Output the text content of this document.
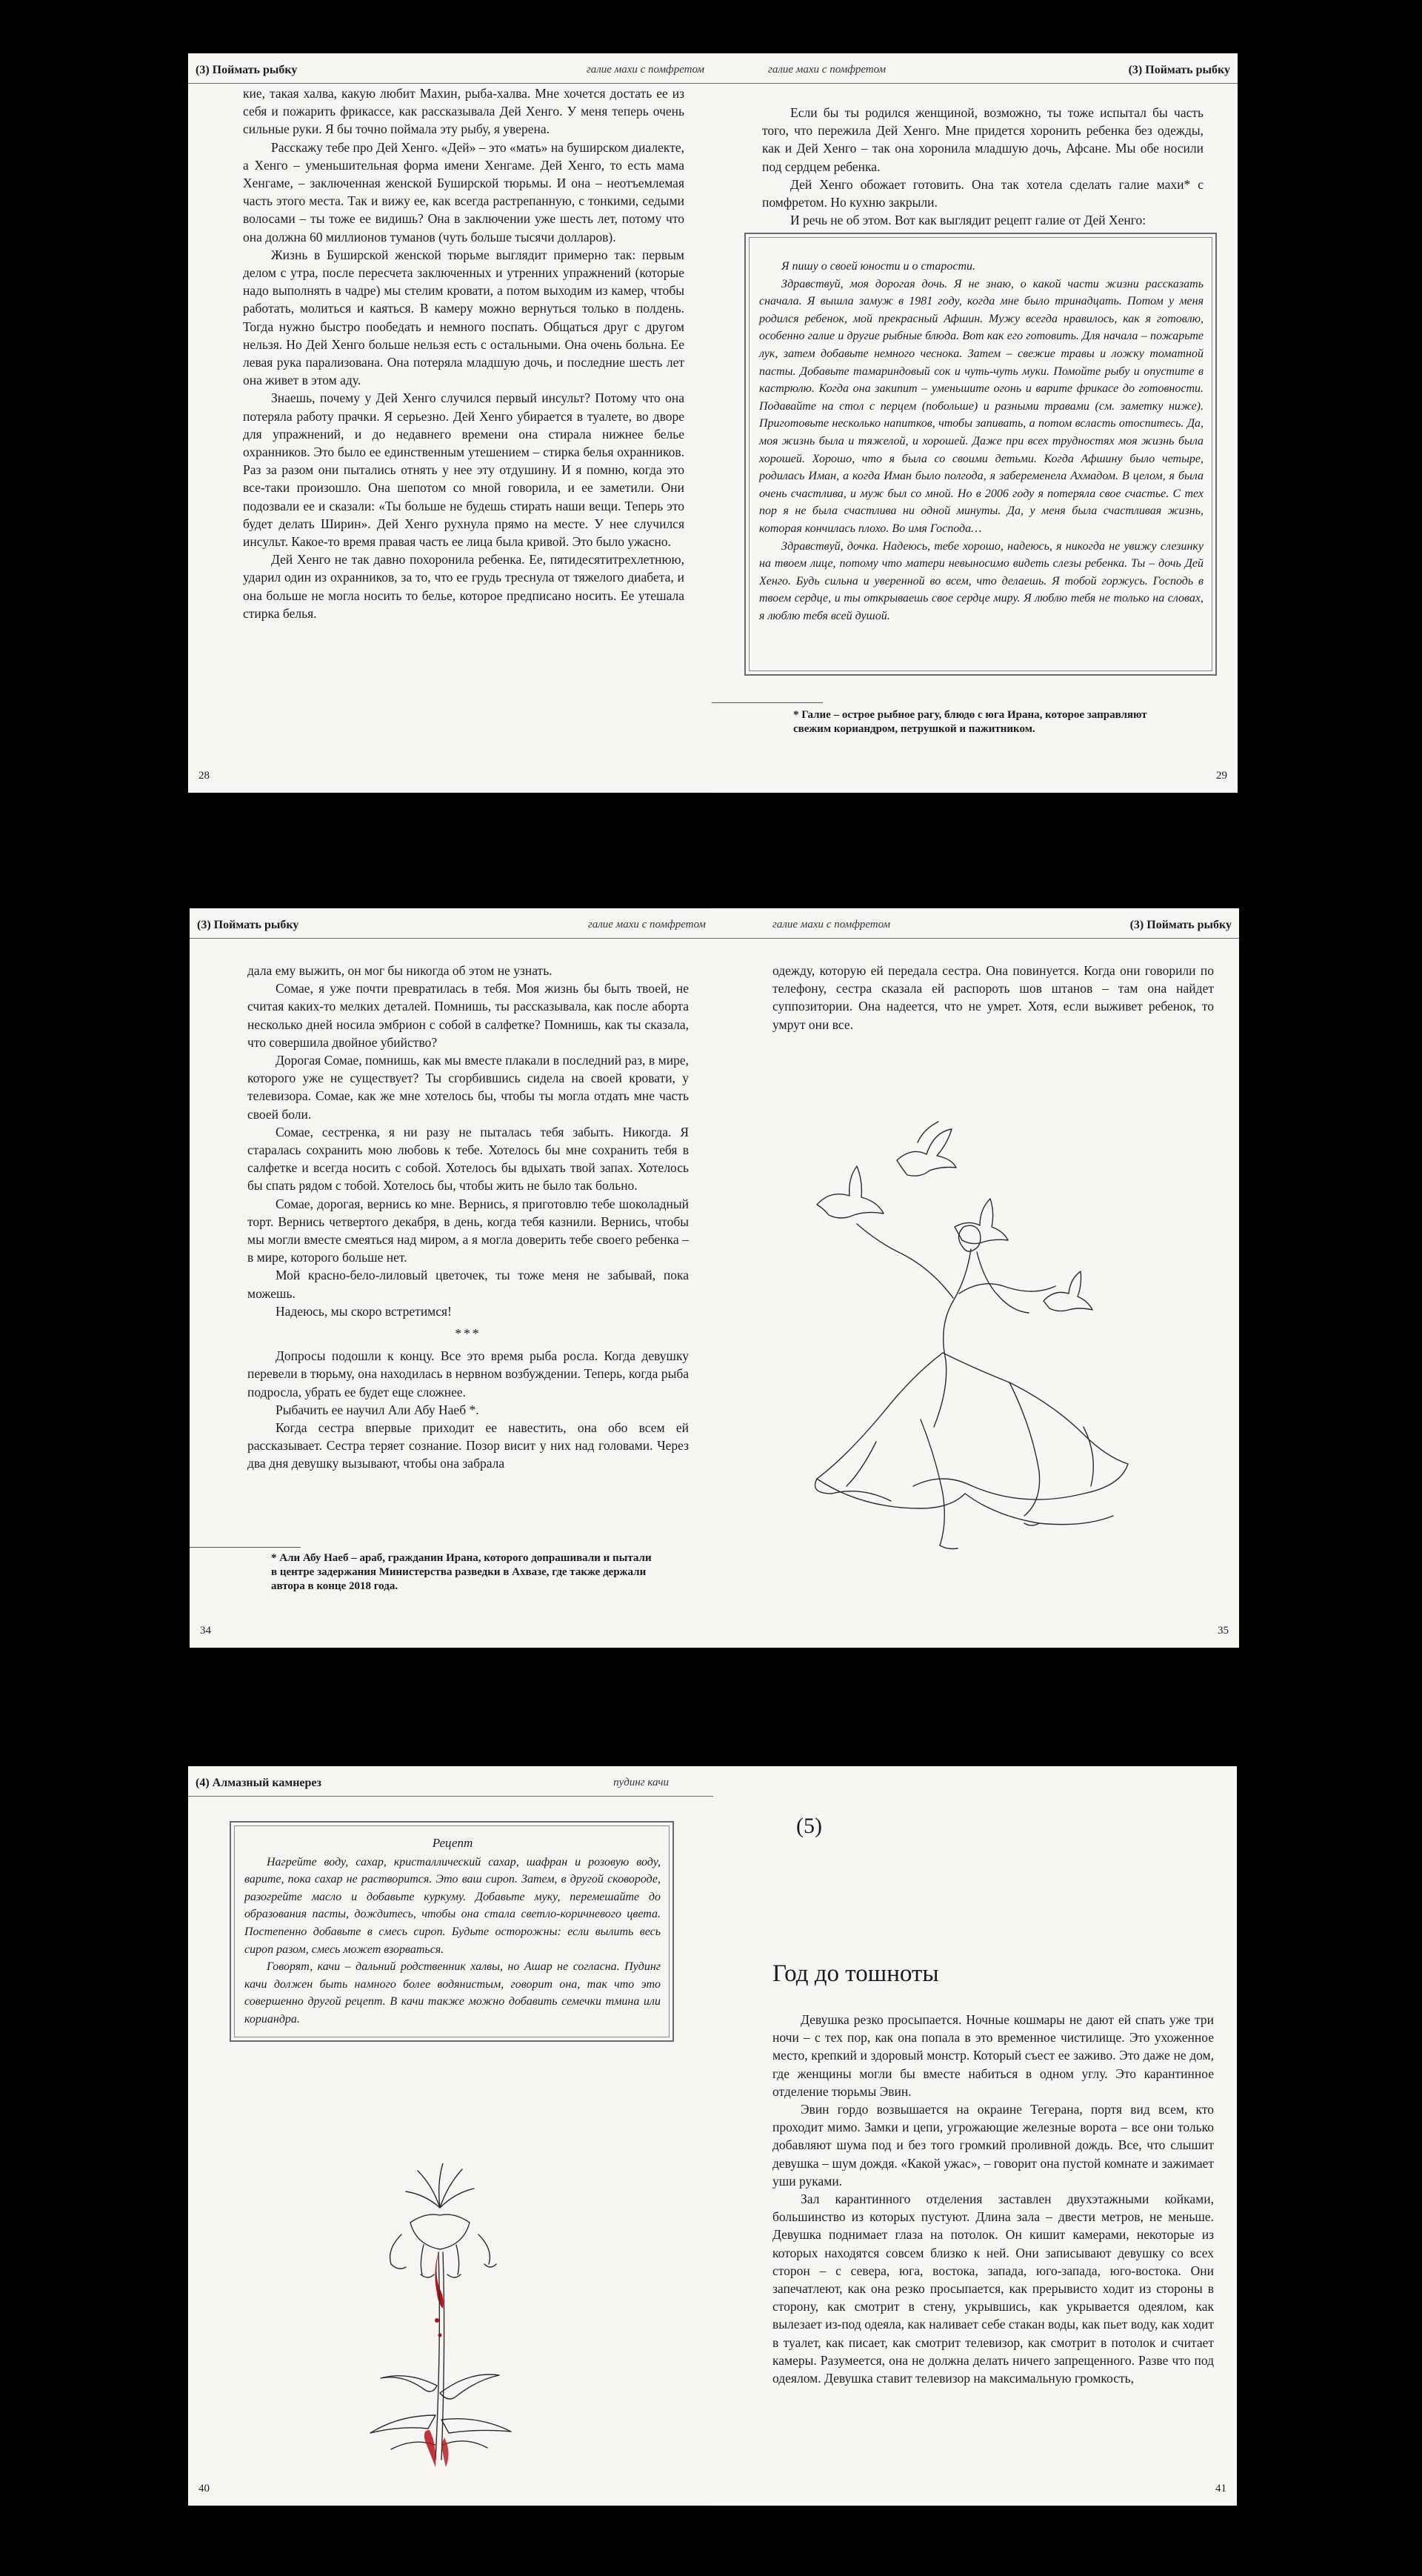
(3) Поймать рыбку	галие махи с помфретом

кие, такая халва, какую любит Махин, рыба-халва. Мне хочется достать ее из себя и пожарить фрикассе, как рассказывала Дей Хенго. У меня теперь очень сильные руки. Я бы точно поймала эту рыбу, я уверена.

Расскажу тебе про Дей Хенго. «Дей» – это «мать» на буширском диалекте, а Хенго – уменьшительная форма имени Хенгаме. Дей Хенго, то есть мама Хенгаме, – заключенная женской Буширской тюрьмы. И она – неотъемлемая часть этого места. Так и вижу ее, как всегда растрепанную, с тонкими, седыми волосами – ты тоже ее видишь? Она в заключении уже шесть лет, потому что она должна 60 миллионов туманов (чуть больше тысячи долларов).

Жизнь в Буширской женской тюрьме выглядит примерно так: первым делом с утра, после пересчета заключенных и утренних упражнений (которые надо выполнять в чадре) мы стелим кровати, а потом выходим из камер, чтобы работать, молиться и каяться. В камеру можно вернуться только в полдень. Тогда нужно быстро пообедать и немного поспать. Общаться друг с другом нельзя. Но Дей Хенго больше нельзя есть с остальными. Она очень больна. Ее левая рука парализована. Она потеряла младшую дочь, и последние шесть лет она живет в этом аду.

Знаешь, почему у Дей Хенго случился первый инсульт? Потому что она потеряла работу прачки. Я серьезно. Дей Хенго убирается в туалете, во дворе для упражнений, и до недавнего времени она стирала нижнее белье охранников. Это было ее единственным утешением – стирка белья охранников. Раз за разом они пытались отнять у нее эту отдушину. И я помню, когда это все-таки произошло. Она шепотом со мной говорила, и ее заметили. Они подозвали ее и сказали: «Ты больше не будешь стирать наши вещи. Теперь это будет делать Ширин». Дей Хенго рухнула прямо на месте. У нее случился инсульт. Какое-то время правая часть ее лица была кривой. Это было ужасно.

Дей Хенго не так давно похоронила ребенка. Ее, пятидесятитрехлетнюю, ударил один из охранников, за то, что ее грудь треснула от тяжелого диабета, и она больше не могла носить то белье, которое предписано носить. Ее утешала стирка белья.

28
(3) Поймать рыбку
галие махи с помфретом

Если бы ты родился женщиной, возможно, ты тоже испытал бы часть того, что пережила Дей Хенго. Мне придется хоронить ребенка без одежды, как и Дей Хенго – так она хоронила младшую дочь, Афсане. Мы обе носили под сердцем ребенка.

Дей Хенго обожает готовить. Она так хотела сделать галие махи* с помфретом. Но кухню закрыли.

И речь не об этом. Вот как выглядит рецепт галие от Дей Хенго:

Я пишу о своей юности и о старости.

Здравствуй, моя дорогая дочь. Я не знаю, о какой части жизни рассказать сначала. Я вышла замуж в 1981 году, когда мне было тринадцать. Потом у меня родился ребенок, мой прекрасный Афшин. Мужу всегда нравилось, как я готовлю, особенно галие и другие рыбные блюда. Вот как его готовить. Для начала – пожарьте лук, затем добавьте немного чеснока. Затем – свежие травы и ложку томатной пасты. Добавьте тамариндовый сок и чуть-чуть муки. Помойте рыбу и опустите в кастрюлю. Когда она закипит – уменьшите огонь и варите фрикасе до готовности. Подавайте на стол с перцем (побольше) и разными травами (см. заметку ниже). Приготовьте несколько напитков, чтобы запивать, а потом всласть отоспитесь. Да, моя жизнь была и тяжелой, и хорошей. Даже при всех трудностях моя жизнь была хорошей. Хорошо, что я была со своими детьми. Когда Афшину было четыре, родилась Иман, а когда Иман было полгода, я забеременела Ахмадом. В целом, я была очень счастлива, и муж был со мной. Но в 2006 году я потеряла свое счастье. С тех пор я не была счастлива ни одной минуты. Да, у меня была счастливая жизнь, которая кончилась плохо. Во имя Господа…

Здравствуй, дочка. Надеюсь, тебе хорошо, надеюсь, я никогда не увижу слезинку на твоем лице, потому что матери невыносимо видеть слезы ребенка. Ты – дочь Дей Хенго. Будь сильна и уверенной во всем, что делаешь. Я тобой горжусь. Господь в твоем сердце, и ты открываешь свое сердце миру. Я люблю тебя не только на словах, я люблю тебя всей душой.

* Галие – острое рыбное рагу, блюдо с юга Ирана, которое заправляют свежим кориандром, петрушкой и пажитником.
29
(3) Поймать рыбку	галие махи с помфретом

дала ему выжить, он мог бы никогда об этом не узнать.

Сомае, я уже почти превратилась в тебя. Моя жизнь бы быть твоей, не считая каких-то мелких деталей. Помнишь, ты рассказывала, как после аборта несколько дней носила эмбрион с собой в салфетке? Помнишь, как ты сказала, что совершила двойное убийство?

Дорогая Сомае, помнишь, как мы вместе плакали в последний раз, в мире, которого уже не существует? Ты сгорбившись сидела на своей кровати, у телевизора. Сомае, как же мне хотелось бы, чтобы ты могла отдать мне часть своей боли.

Сомае, сестренка, я ни разу не пыталась тебя забыть. Никогда. Я старалась сохранить мою любовь к тебе. Хотелось бы мне сохранить тебя в салфетке и всегда носить с собой. Хотелось бы вдыхать твой запах. Хотелось бы спать рядом с тобой. Хотелось бы, чтобы жить не было так больно.

Сомае, дорогая, вернись ко мне. Вернись, я приготовлю тебе шоколадный торт. Вернись четвертого декабря, в день, когда тебя казнили. Вернись, чтобы мы могли вместе смеяться над миром, а я могла доверить тебе своего ребенка – в мире, которого больше нет.

Мой красно-бело-лиловый цветочек, ты тоже меня не забывай, пока можешь.

Надеюсь, мы скоро встретимся!

***

Допросы подошли к концу. Все это время рыба росла. Когда девушку перевели в тюрьму, она находилась в нервном возбуждении. Теперь, когда рыба подросла, убрать ее будет еще сложнее.

Рыбачить ее научил Али Абу Наеб *.

Когда сестра впервые приходит ее навестить, она обо всем ей рассказывает. Сестра теряет сознание. Позор висит у них над головами. Через два дня девушку вызывают, чтобы она забрала

* Али Абу Наеб – араб, гражданин Ирана, которого допрашивали и пытали в центре задержания Министерства разведки в Ахвазе, где также держали автора в конце 2018 года.
34
(3) Поймать рыбку
галие махи с помфретом

одежду, которую ей передала сестра. Она повинуется. Когда они говорили по телефону, сестра сказала ей распороть шов штанов – там она найдет суппозитории. Она надеется, что не умрет. Хотя, если выживет ребенок, то умрут они все.

35
(4) Алмазный камнерез	пудинг качи

Рецепт

Нагрейте воду, сахар, кристаллический сахар, шафран и розовую воду, варите, пока сахар не растворится. Это ваш сироп. Затем, в другой сковороде, разогрейте масло и добавьте куркуму. Добавьте муку, перемешайте до образования пасты, дождитесь, чтобы она стала светло-коричневого цвета. Постепенно добавьте в смесь сироп. Будьте осторожны: если вылить весь сироп разом, смесь может взорваться.

Говорят, качи – дальний родственник халвы, но Ашар не согласна. Пудинг качи должен быть намного более водянистым, говорит она, так что это совершенно другой рецепт. В качи также можно добавить семечки тмина или кориандра.

40
(5)
Год до тошноты

Девушка резко просыпается. Ночные кошмары не дают ей спать уже три ночи – с тех пор, как она попала в это временное чистилище. Это ухоженное место, крепкий и здоровый монстр. Который съест ее заживо. Это даже не дом, где женщины могли бы вместе набиться в одном углу. Это карантинное отделение тюрьмы Эвин.

Эвин гордо возвышается на окраине Тегерана, портя вид всем, кто проходит мимо. Замки и цепи, угрожающие железные ворота – все они только добавляют шума под и без того громкий проливной дождь. Все, что слышит девушка – шум дождя. «Какой ужас», – говорит она пустой комнате и зажимает уши руками.

Зал карантинного отделения заставлен двухэтажными койками, большинство из которых пустуют. Длина зала – двести метров, не меньше. Девушка поднимает глаза на потолок. Он кишит камерами, некоторые из которых находятся совсем близко к ней. Они записывают девушку со всех сторон – с севера, юга, востока, запада, юго-запада, юго-востока. Они запечатлеют, как она резко просыпается, как прерывисто ходит из стороны в сторону, как смотрит в стену, укрывшись, как укрывается одеялом, как вылезает из-под одеяла, как наливает себе стакан воды, как пьет воду, как ходит в туалет, как писает, как смотрит телевизор, как смотрит в потолок и считает камеры. Разумеется, она не должна делать ничего запрещенного. Разве что под одеялом. Девушка ставит телевизор на максимальную громкость,

41
